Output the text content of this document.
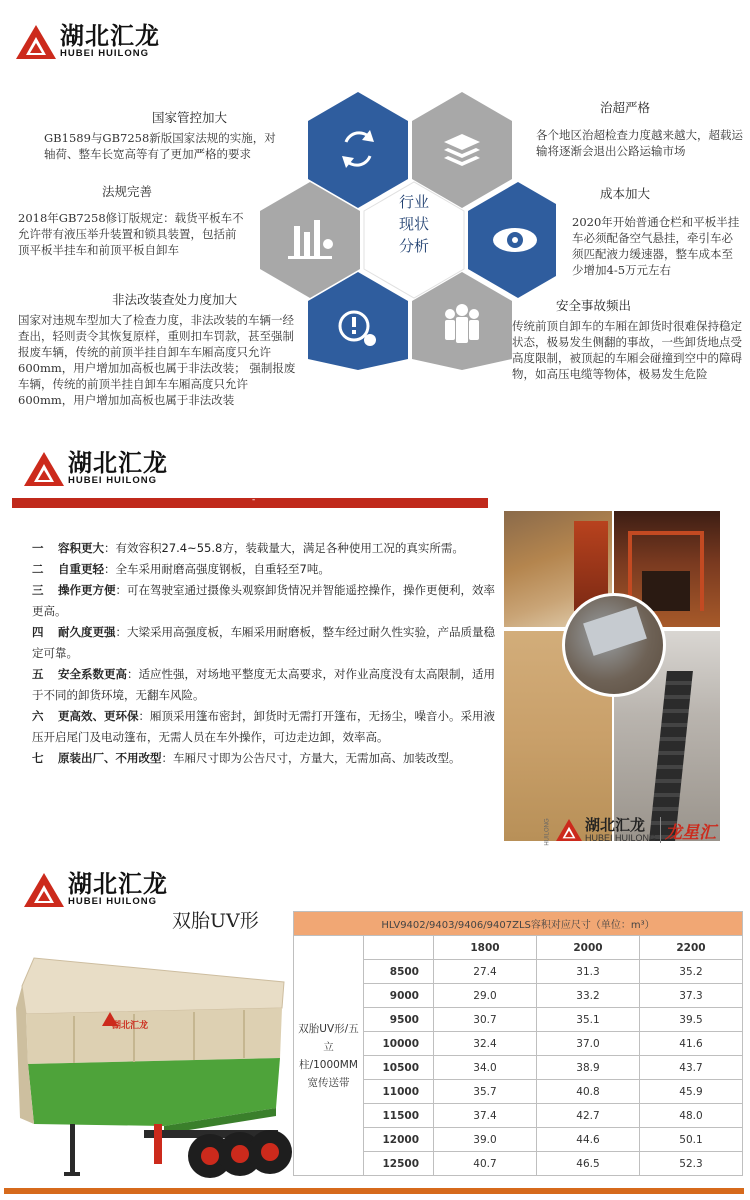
湖北汇龙
HUBEI HUILONG
行业
现状
分析
国家管控加大
GB1589与GB7258新版国家法规的实施，对轴荷、整车长宽高等有了更加严格的要求
法规完善
2018年GB7258修订版规定：载货平板车不允许带有液压举升装置和锁具装置，包括前顶平板半挂车和前顶平板自卸车
非法改装查处力度加大
国家对违规车型加大了检查力度，非法改装的车辆一经查出，轻则责令其恢复原样，重则扣车罚款，甚至强制报废车辆，传统的前顶半挂自卸车车厢高度只允许600mm，用户增加加高板也属于非法改装； 强制报废车辆，传统的前顶半挂自卸车车厢高度只允许600mm，用户增加加高板也属于非法改装
治超严格
各个地区治超检查力度越来越大，超载运输将逐渐会退出公路运输市场
成本加大
2020年开始普通仓栏和平板半挂车必须配备空气悬挂，牵引车必须匹配液力缓速器，整车成本至少增加4-5万元左右
安全事故频出
传统前顶自卸车的车厢在卸货时很难保持稳定状态，极易发生侧翻的事故，一些卸货地点受高度限制，被顶起的车厢会碰撞到空中的障碍物，如高压电缆等物体，极易发生危险
湖北汇龙
HUBEI HUILONG
-
一 容积更大：有效容积27.4~55.8方，装载量大，满足各种使用工况的真实所需。
二 自重更轻：全车采用耐磨高强度钢板，自重轻至7吨。
三 操作更方便：可在驾驶室通过摄像头观察卸货情况并智能遥控操作，操作更便利，效率更高。
四 耐久度更强：大梁采用高强度板，车厢采用耐磨板，整车经过耐久性实验，产品质量稳定可靠。
五 安全系数更高：适应性强，对场地平整度无太高要求，对作业高度没有太高限制，适用于不同的卸货环境，无翻车风险。
六 更高效、更环保：厢顶采用篷布密封，卸货时无需打开篷布，无扬尘，噪音小。采用液压开启尾门及电动篷布，无需人员在车外操作，可边走边卸，效率高。
七 原装出厂、不用改型：车厢尺寸即为公告尺寸，方量大，无需加高、加装改型。
湖北汇龙
HUBEI HUILONG 龙星汇
HUILONG
湖北汇龙
HUBEI HUILONG
双胎UV形
湖北汇龙
HLV9402/9403/9406/9407ZLS容积对应尺寸（单位：m³）				
双胎UV形/五立柱/1000MM宽传送带		1800	2000	2200
	8500	27.4	31.3	35.2
	9000	29.0	33.2	37.3
	9500	30.7	35.1	39.5
	10000	32.4	37.0	41.6
	10500	34.0	38.9	43.7
	11000	35.7	40.8	45.9
	11500	37.4	42.7	48.0
	12000	39.0	44.6	50.1
	12500	40.7	46.5	52.3
